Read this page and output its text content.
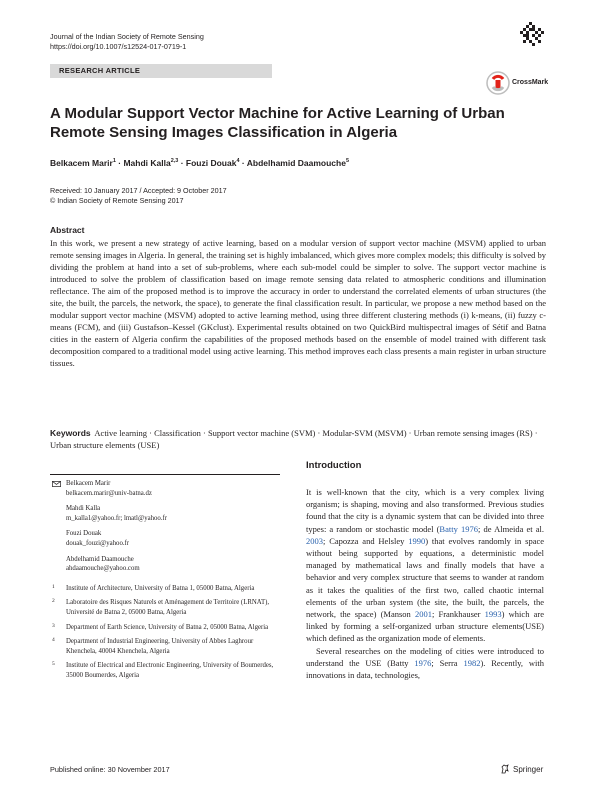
Journal of the Indian Society of Remote Sensing
https://doi.org/10.1007/s12524-017-0719-1
RESEARCH ARTICLE
CrossMark
A Modular Support Vector Machine for Active Learning of Urban Remote Sensing Images Classification in Algeria
Belkacem Marir$^1$ · Mahdi Kalla$^{2,3}$ · Fouzi Douak$^4$ · Abdelhamid Daamouche$^5$
Received: 10 January 2017 / Accepted: 9 October 2017
© Indian Society of Remote Sensing 2017
Abstract
In this work, we present a new strategy of active learning, based on a modular version of support vector machine (MSVM) applied to urban remote sensing images in Algeria. In general, the training set is highly imbalanced, which gives more complex models; this difficulty is solved by dividing the problem at hand into a set of sub-problems, where each sub-model could be simpler to solve. The support vector machine is introduced to solve the problem of classification based on image remote sensing data related to atmospheric conditions and illumination reflectance. The aim of the proposed method is to improve the accuracy in order to understand the correlated elements of urban structures (the site, the built, the parcels, the network, the space), to generate the final classification result. In particular, we propose a new method based on the modular support vector machine (MSVM) adopted to active learning method, using three different clustering methods (i) k-means, (ii) fuzzy c-means (FCM), and (iii) Gustafson–Kessel (GKclust). Experimental results obtained on two QuickBird multispectral images of Sétif and Batna cities in the eastern of Algeria confirm the capabilities of the proposed methods based on the ensemble of model trained with different task decomposition compared to a traditional model using active learning. This method improves each class presents a main register in urban structure tissues.
Keywords Active learning · Classification · Support vector machine (SVM) · Modular-SVM (MSVM) · Urban remote sensing images (RS) · Urban structure elements (USE)
Belkacem Marir
belkacem.marir@univ-batna.dz
Mahdi Kalla
m_kalla1@yahoo.fr; lmatl@yahoo.fr
Fouzi Douak
douak_fouzi@yahoo.fr
Abdelhamid Daamouche
ahdaamouche@yahoo.com
1 Institute of Architecture, University of Batna 1, 05000 Batna, Algeria
2 Laboratoire des Risques Naturels et Aménagement de Territoire (LRNAT), Université de Batna 2, 05000 Batna, Algeria
3 Department of Earth Science, University of Batna 2, 05000 Batna, Algeria
4 Department of Industrial Engineering, University of Abbes Laghrour Khenchela, 40004 Khenchela, Algeria
5 Institute of Electrical and Electronic Engineering, University of Boumerdes, 35000 Boumerdes, Algeria
Introduction

It is well-known that the city, which is a very complex living organism; is shaping, moving and also transformed. Previous studies found that the city is a dynamic system that can be divided into three types: a random or stochastic model (Batty 1976; de Almeida et al. 2003; Capozza and Helsley 1990) that evolves randomly in space without being supported by equations, a deterministic model managed by mathematical laws and finally models that have a behavior and very complex structure that seems to wander at random as it takes the qualities of the first two, called chaotic internal elements of the urban system (the site, the built, the parcels, the network, the space) (Manson 2001; Frankhauser 1993) which are linked by forming a self-organized urban structure elements(USE) which defined as the organization mode of elements.

Several researches on the modeling of cities were introduced to understand the USE (Batty 1976; Serra 1982). Recently, with innovations in data, technologies,

Published online: 30 November 2017	Springer
